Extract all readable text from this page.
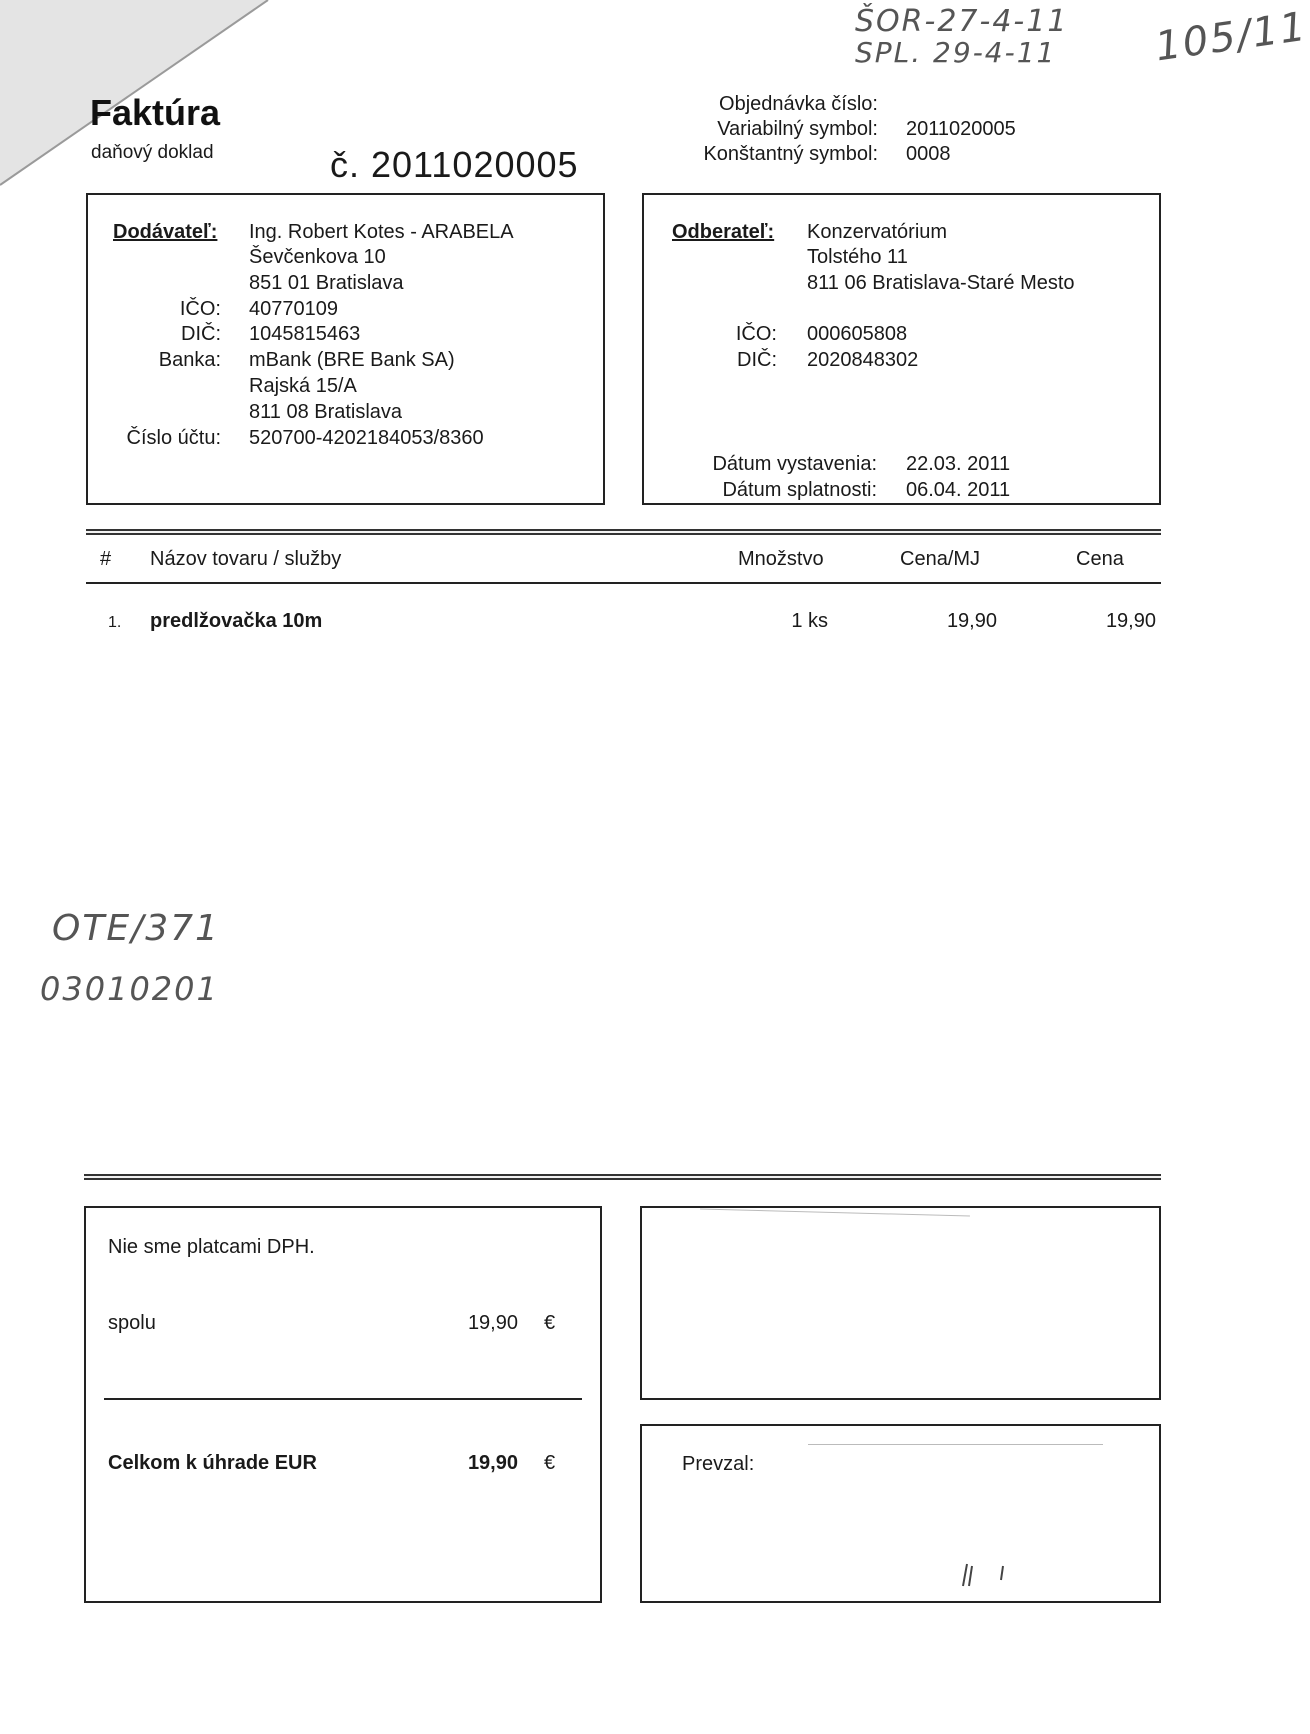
ŠOR-27-4-11
SPL. 29-4-11 105/11
OTE/371
03010201
Faktúra
daňový doklad	č. 2011020005
Objednávka číslo:
Variabilný symbol: 2011020005
Konštantný symbol: 0008
Dodávateľ: Ing. Robert Kotes - ARABELA
Ševčenkova 10
851 01 Bratislava
IČO: 40770109
DIČ: 1045815463
Banka: mBank (BRE Bank SA)
Rajská 15/A
811 08 Bratislava
Číslo účtu: 520700-4202184053/8360
Odberateľ: Konzervatórium
Tolstého 11
811 06 Bratislava-Staré Mesto
IČO: 000605808
DIČ: 2020848302
Dátum vystavenia: 22.03. 2011
Dátum splatnosti: 06.04. 2011
# Názov tovaru / služby	Množstvo	Cena/MJ	Cena
1. predlžovačka 10m	1 ks	19,90	19,90
Nie sme platcami DPH.
spolu	19,90 €
Celkom k úhrade EUR	19,90 €	Prevzal:
